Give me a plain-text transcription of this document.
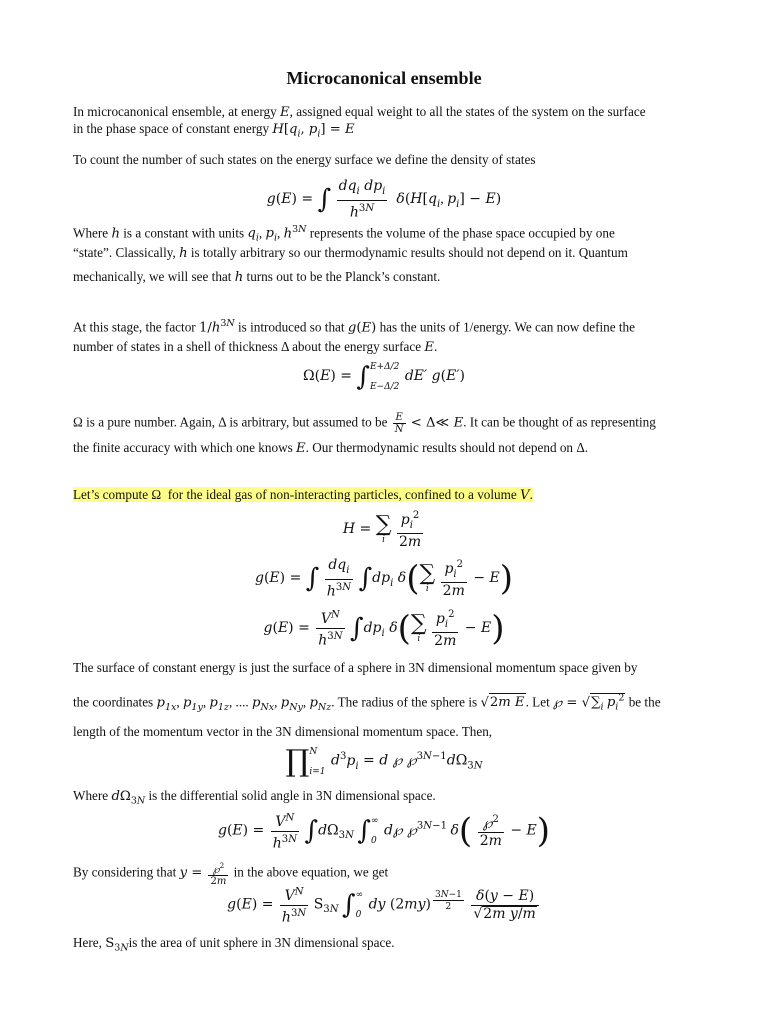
Microcanonical ensemble
In microcanonical ensemble, at energy E, assigned equal weight to all the states of the system on the surface
in the phase space of constant energy $H[q_i$, $p_i] = E$
To count the number of such states on the energy surface we define the density of states
g(E) = ∫ $\frac{dq_i dp_i}{h^{3N}} \delta(H[q_i$, $p_i] - E$)
Where h is a constant with units $q_i$, $p_i$, $h^{3N}$ represents the volume of the phase space occupied by one
“state”. Classically, h is totally arbitrary so our thermodynamic results should not depend on it. Quantum
mechanically, we will see that h turns out to be the Planck’s constant.
At this stage, the factor $1/h^{3N}$ is introduced so that g(E) has the units of 1/energy. We can now define the
number of states in a shell of thickness Δ about the energy surface E.
Ω(E) = ∫E+Δ/2

E−Δ/2 dE′ g(E′)
Ω is a pure number. Again, Δ is arbitrary, but assumed to be $\frac{E}{N}$ < Δ≪ E. It can be thought of as representing
the finite accuracy with which one knows E. Our thermodynamic results should not depend on Δ.
Let’s compute Ω  for the ideal gas of non-interacting particles, confined to a volume V.
H = ∑
i
$\frac{p_i^2}{2m}$
g(E) = ∫ $\frac{dq_i}{h^{3N}} \int dp_i$ δ( ∑
i
$\frac{p_i^2}{2m} - E$)
$g(E) = \frac{V^N}{h^{3N}} \int dp_i$ δ( ∑
i
$\frac{p_i^2}{2m} - E$)
The surface of constant energy is just the surface of a sphere in 3N dimensional momentum space given by
the coordinates $p_{1x}$, $p_{1y}$, $p_{1z}$, .... $p_{Nx}$, $p_{Ny}$, $p_{Nz}$. The radius of the sphere is √2m E. Let ℘ = $√\sum_i$ $p_i^2$ be the
length of the momentum vector in the 3N dimensional momentum space. Then,
∏N

i=1 $d^3p_i = d$ ℘ $℘^{3N-1}d\Omega_{3N}$
Where $d\Omega_{3N}$ is the differential solid angle in 3N dimensional space.
$g(E) = \frac{V^N}{h^{3N}} \int d\Omega_{3N}$ ∫∞

0 d℘ ℘$^{3N-1}$ $\delta( \frac{℘^2}{2m} - E)$
By considering that $y = \frac{℘^2}{2m}$ in the above equation, we get
$g(E) = \frac{V^N}{h^{3N}} S_{3N}$ ∫∞

0 dy (2my) $^{\frac{3N-1}{2}}$
$\frac{\delta(y - E)}{\text{√2m y/m}}$
Here, $S_{3N}is$ the area of unit sphere in 3N dimensional space.
